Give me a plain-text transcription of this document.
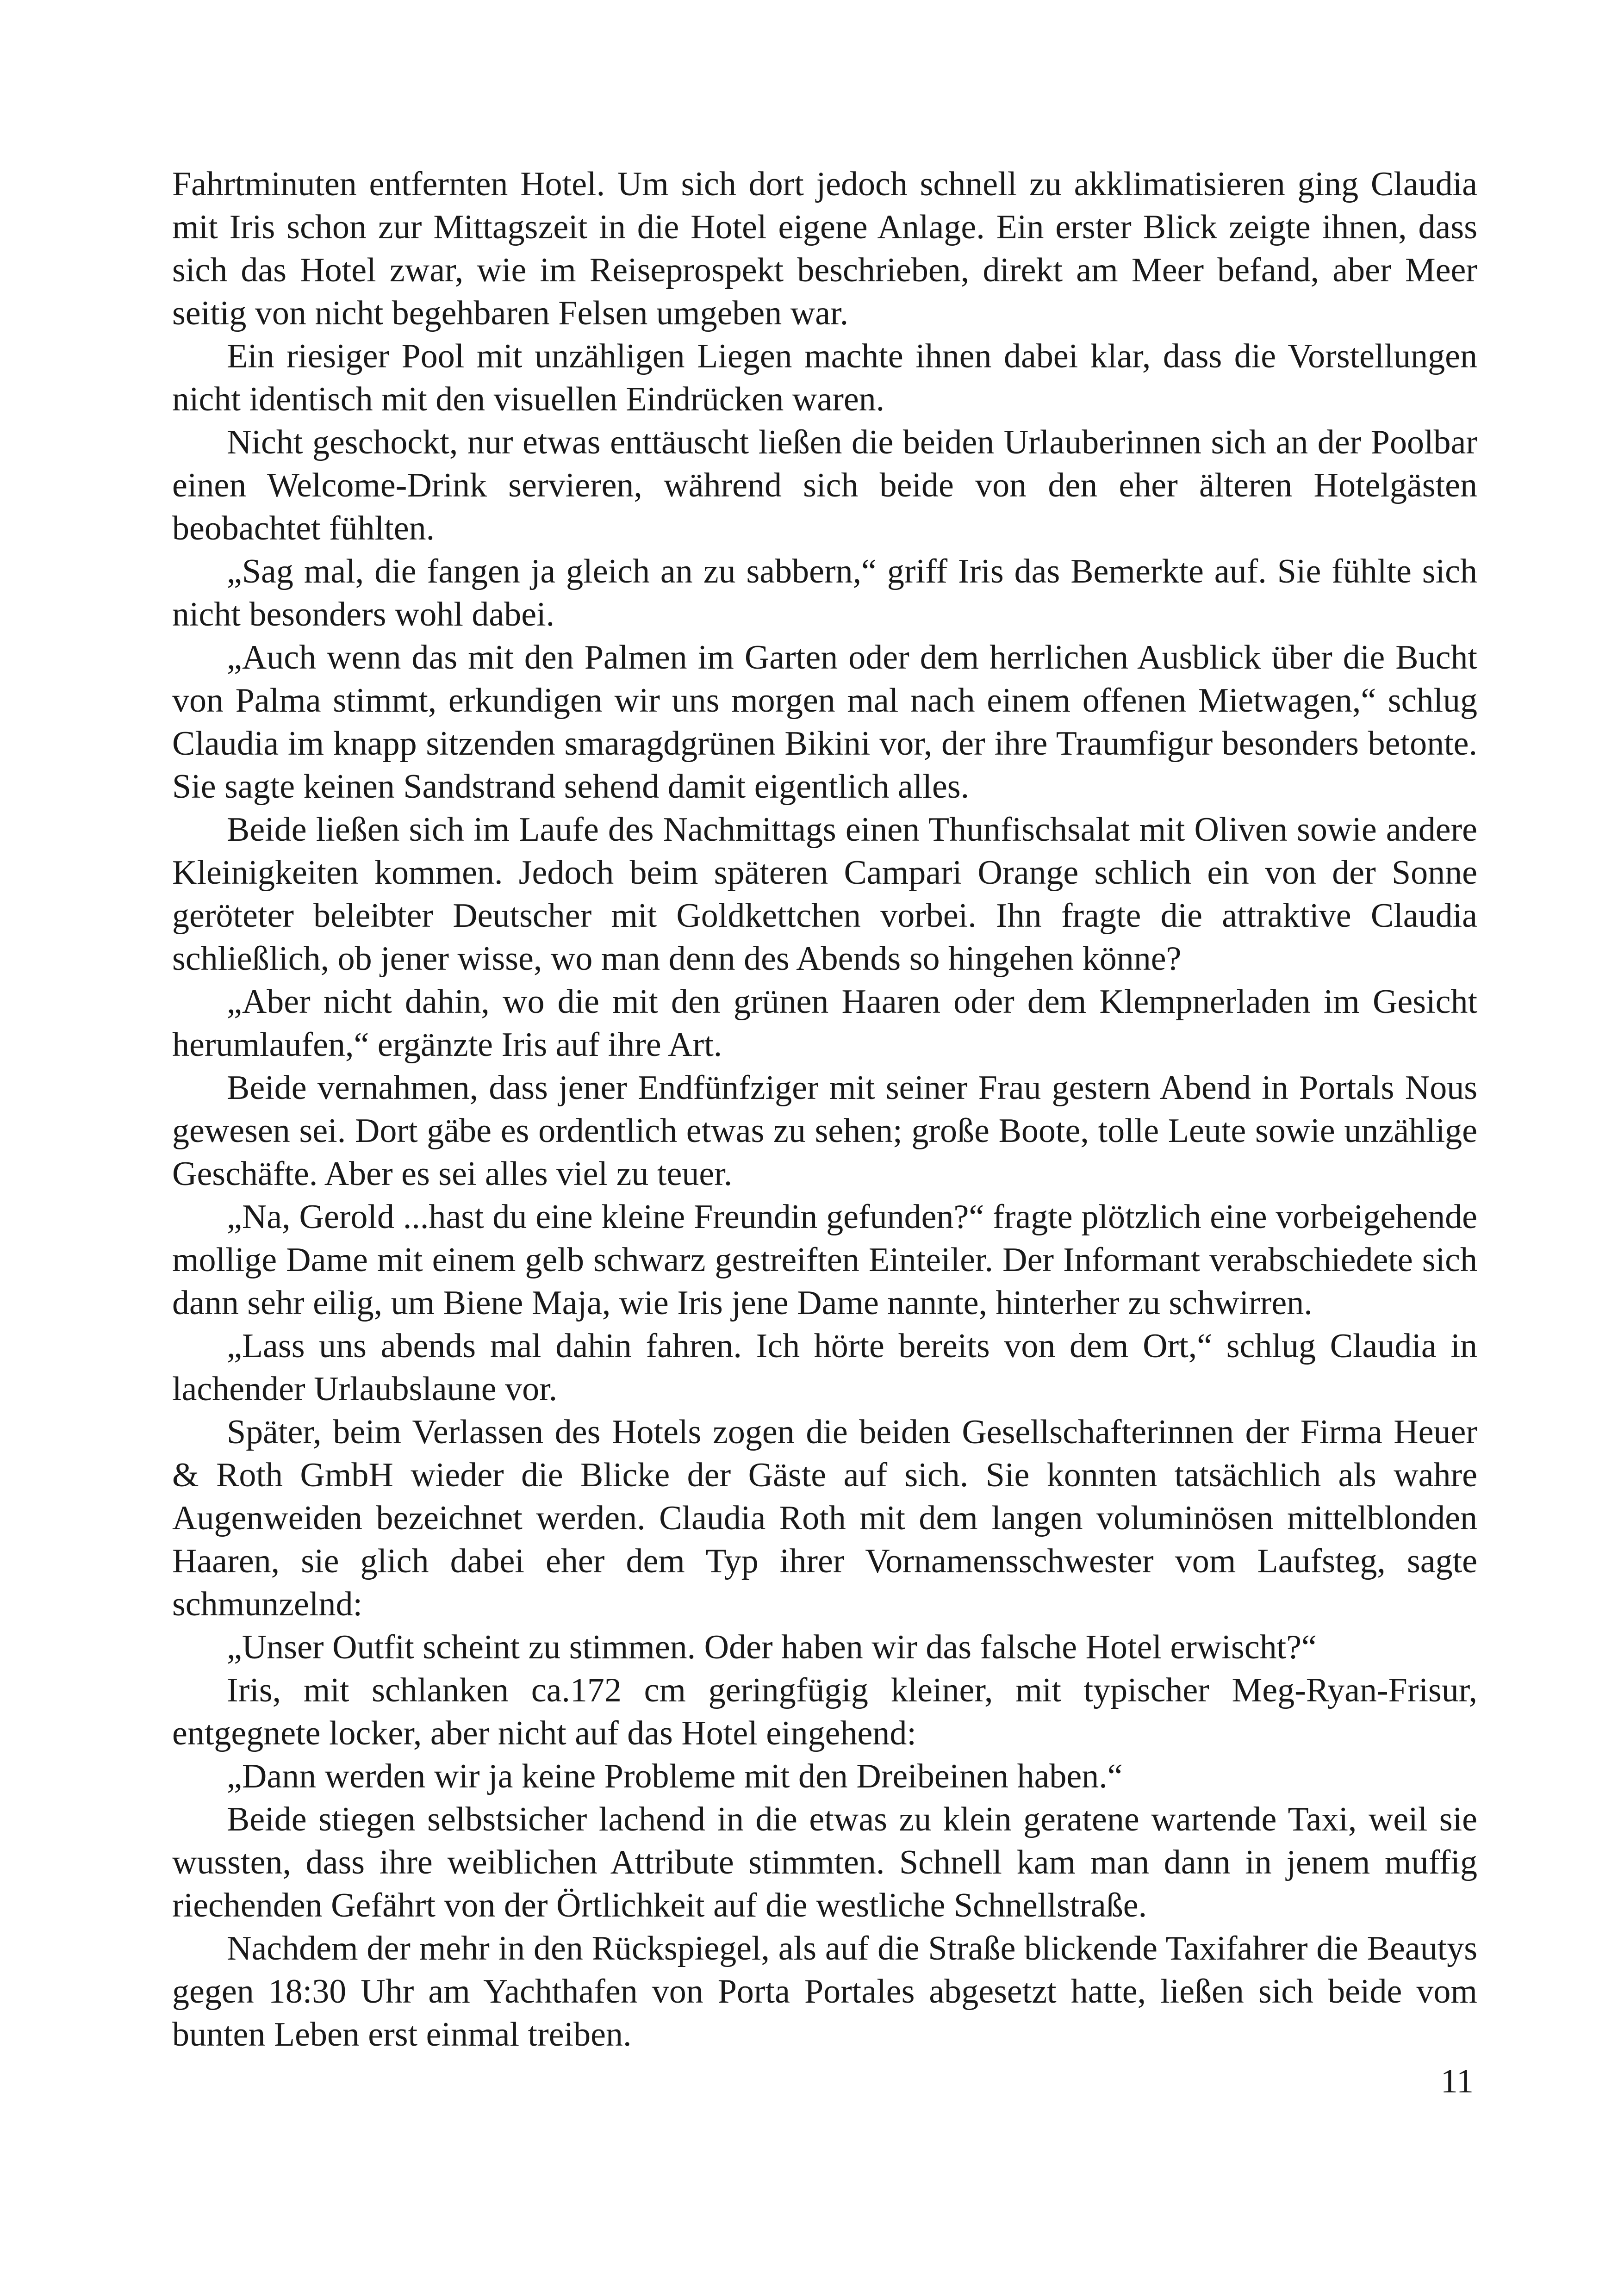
Fahrtminuten entfernten Hotel. Um sich dort jedoch schnell zu akklimatisieren ging Claudia mit Iris schon zur Mittagszeit in die Hotel eigene Anlage. Ein erster Blick zeigte ihnen, dass sich das Hotel zwar, wie im Reiseprospekt beschrieben, direkt am Meer befand, aber Meer seitig von nicht begehbaren Felsen umgeben war.

Ein riesiger Pool mit unzähligen Liegen machte ihnen dabei klar, dass die Vorstellungen nicht identisch mit den visuellen Eindrücken waren.

Nicht geschockt, nur etwas enttäuscht ließen die beiden Urlauberinnen sich an der Poolbar einen Welcome-Drink servieren, während sich beide von den eher älteren Hotelgästen beobachtet fühlten.

„Sag mal, die fangen ja gleich an zu sabbern,“ griff Iris das Bemerkte auf. Sie fühlte sich nicht besonders wohl dabei.

„Auch wenn das mit den Palmen im Garten oder dem herrlichen Ausblick über die Bucht von Palma stimmt, erkundigen wir uns morgen mal nach einem offenen Mietwagen,“ schlug Claudia im knapp sitzenden smaragdgrünen Bikini vor, der ihre Traumfigur besonders betonte. Sie sagte keinen Sandstrand sehend damit eigentlich alles.

Beide ließen sich im Laufe des Nachmittags einen Thunfischsalat mit Oliven sowie andere Kleinigkeiten kommen. Jedoch beim späteren Campari Orange schlich ein von der Sonne geröteter beleibter Deutscher mit Goldkettchen vorbei. Ihn fragte die attraktive Claudia schließlich, ob jener wisse, wo man denn des Abends so hingehen könne?

„Aber nicht dahin, wo die mit den grünen Haaren oder dem Klempnerladen im Gesicht herumlaufen,“ ergänzte Iris auf ihre Art.

Beide vernahmen, dass jener Endfünfziger mit seiner Frau gestern Abend in Portals Nous gewesen sei. Dort gäbe es ordentlich etwas zu sehen; große Boote, tolle Leute sowie unzählige Geschäfte. Aber es sei alles viel zu teuer.

„Na, Gerold ...hast du eine kleine Freundin gefunden?“ fragte plötzlich eine vorbeigehende mollige Dame mit einem gelb schwarz gestreiften Einteiler. Der Informant verabschiedete sich dann sehr eilig, um Biene Maja, wie Iris jene Dame nannte, hinterher zu schwirren.

„Lass uns abends mal dahin fahren. Ich hörte bereits von dem Ort,“ schlug Claudia in lachender Urlaubslaune vor.

Später, beim Verlassen des Hotels zogen die beiden Gesellschafterinnen der Firma Heuer & Roth GmbH wieder die Blicke der Gäste auf sich. Sie konnten tatsächlich als wahre Augenweiden bezeichnet werden. Claudia Roth mit dem langen voluminösen mittelblonden Haaren, sie glich dabei eher dem Typ ihrer Vornamensschwester vom Laufsteg, sagte schmunzelnd:

„Unser Outfit scheint zu stimmen. Oder haben wir das falsche Hotel erwischt?“

Iris, mit schlanken ca.172 cm geringfügig kleiner, mit typischer Meg-Ryan-Frisur, entgegnete locker, aber nicht auf das Hotel eingehend:

„Dann werden wir ja keine Probleme mit den Dreibeinen haben.“

Beide stiegen selbstsicher lachend in die etwas zu klein geratene wartende Taxi, weil sie wussten, dass ihre weiblichen Attribute stimmten. Schnell kam man dann in jenem muffig riechenden Gefährt von der Örtlichkeit auf die westliche Schnellstraße.

Nachdem der mehr in den Rückspiegel, als auf die Straße blickende Taxifahrer die Beautys gegen 18:30 Uhr am Yachthafen von Porta Portales abgesetzt hatte, ließen sich beide vom bunten Leben erst einmal treiben.

11
